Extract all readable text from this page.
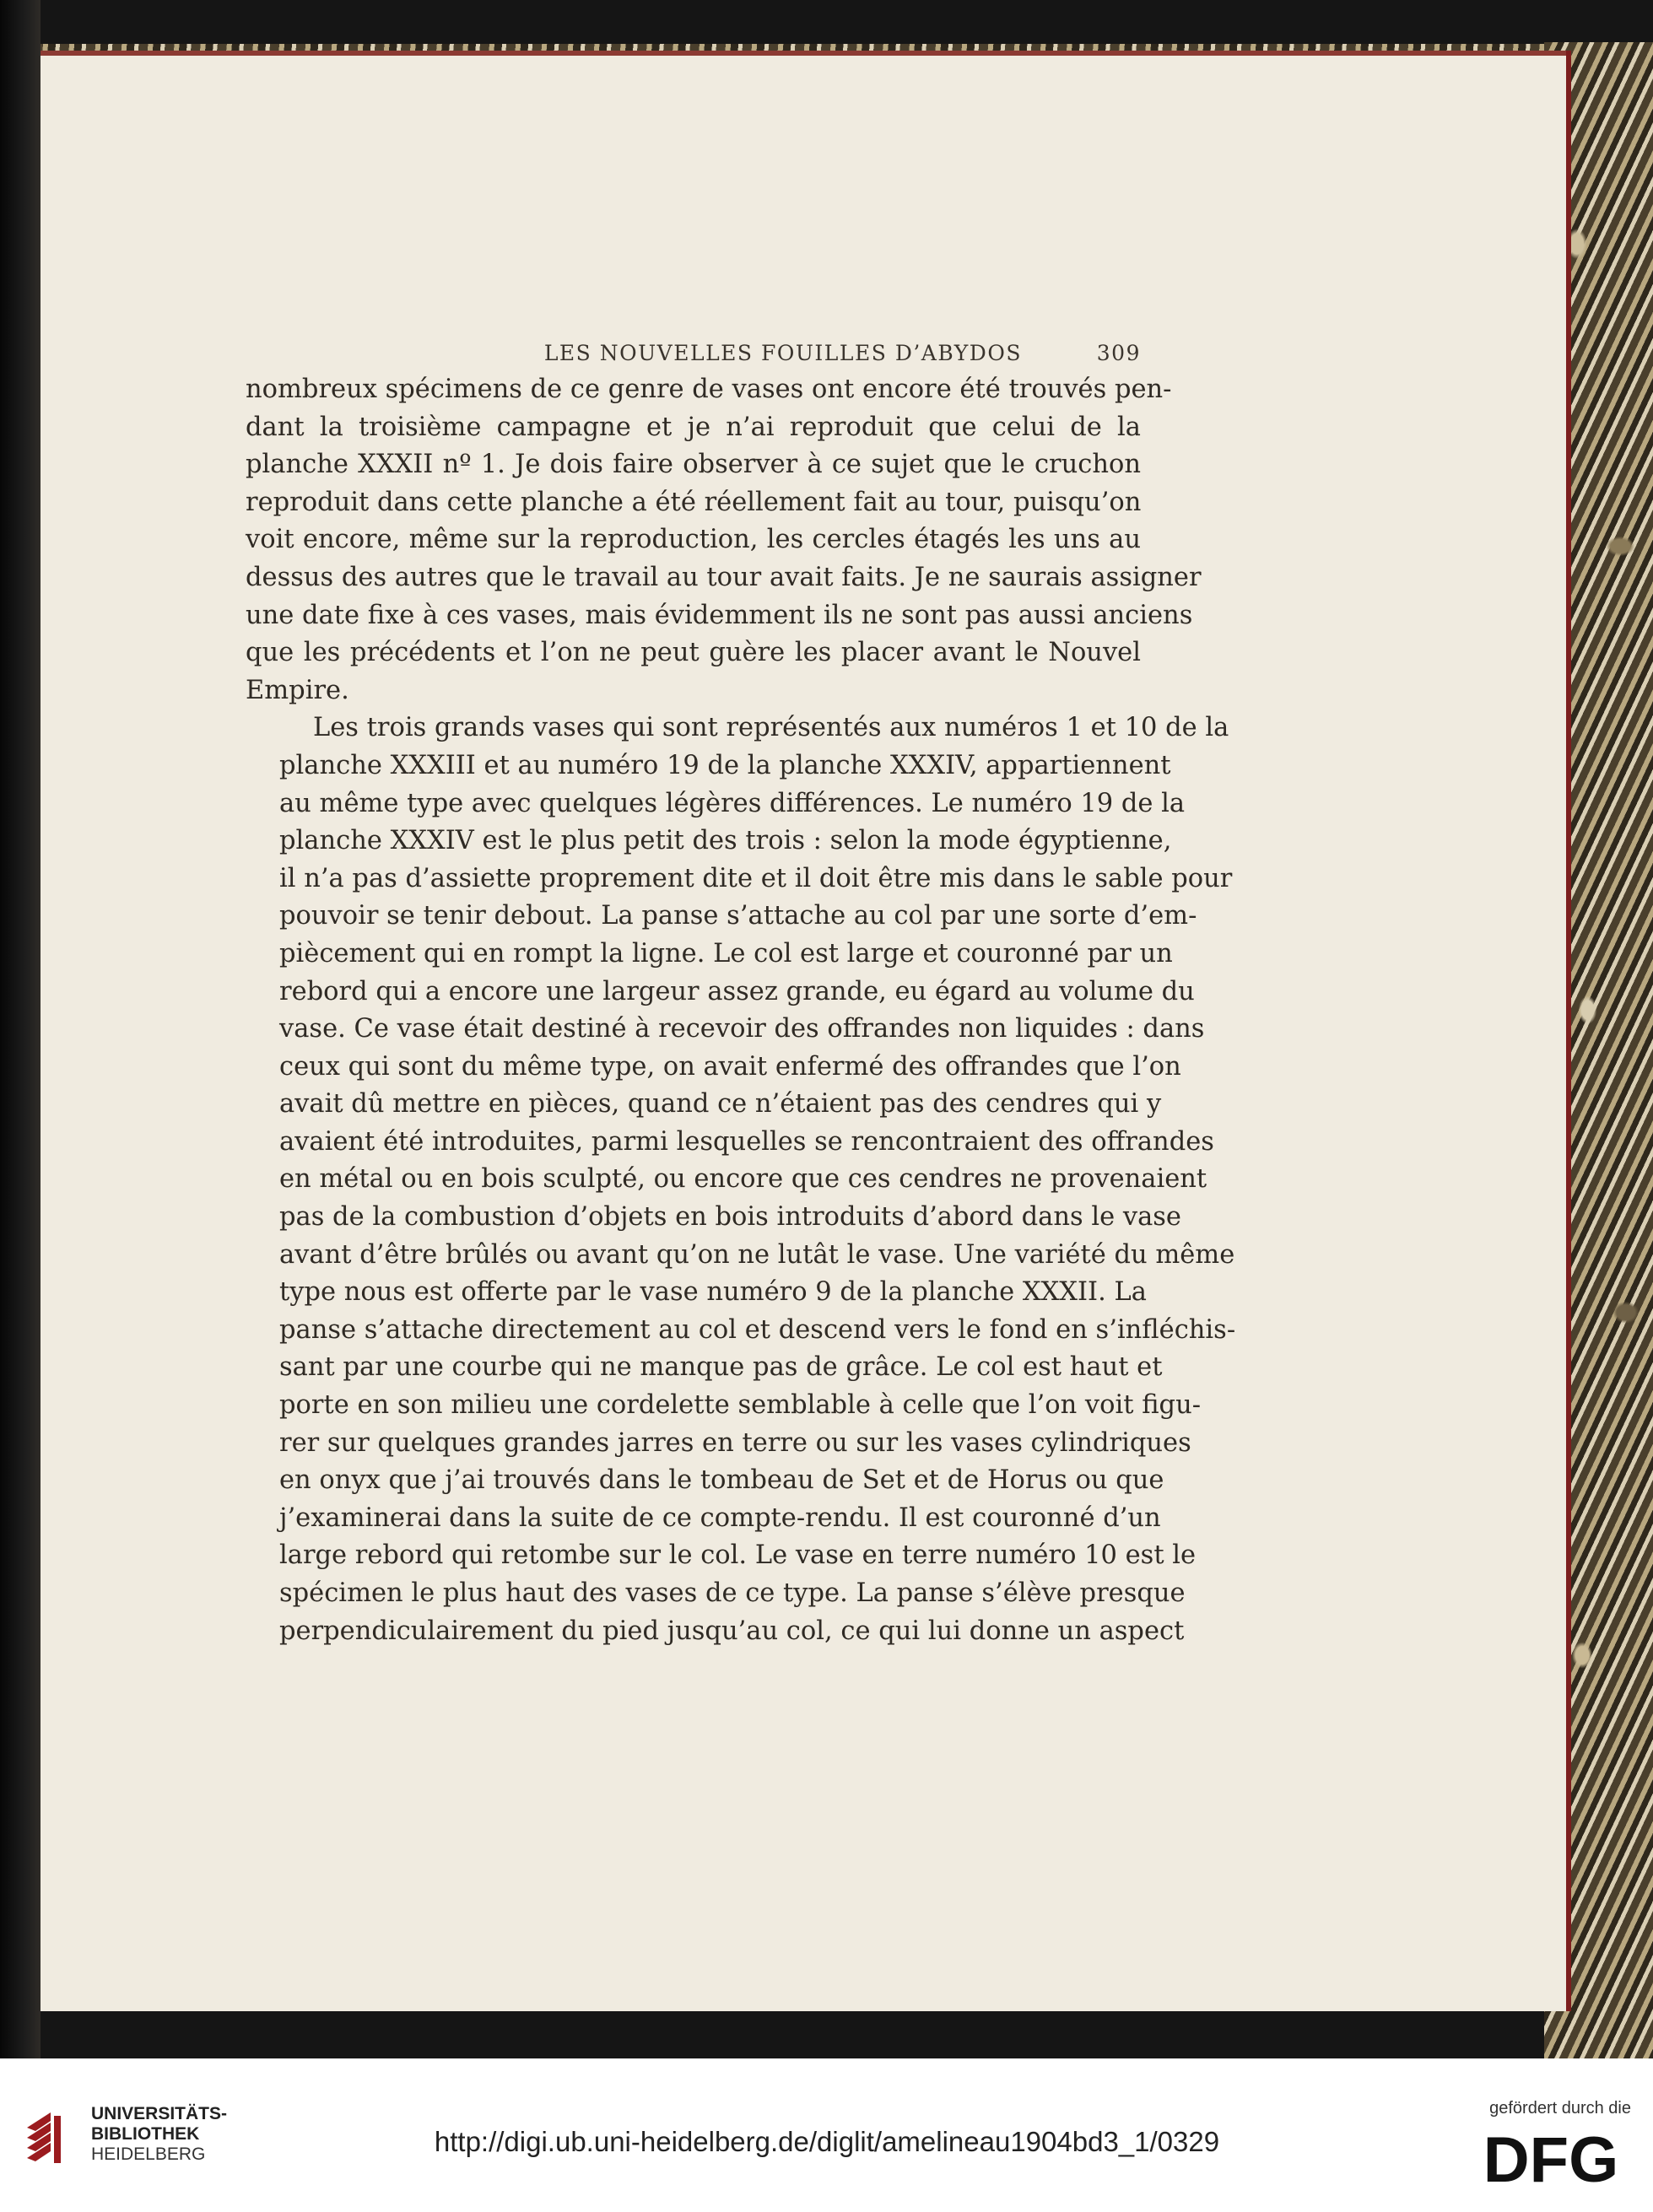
LES NOUVELLES FOUILLES D’ABYDOS	309

nombreux spécimens de ce genre de vases ont encore été trouvés pen-
dant la troisième campagne et je n’ai reproduit que celui de la
planche XXXII nº 1. Je dois faire observer à ce sujet que le cruchon
reproduit dans cette planche a été réellement fait au tour, puisqu’on
voit encore, même sur la reproduction, les cercles étagés les uns au
dessus des autres que le travail au tour avait faits. Je ne saurais assigner
une date fixe à ces vases, mais évidemment ils ne sont pas aussi anciens
que les précédents et l’on ne peut guère les placer avant le Nouvel
Empire.

Les trois grands vases qui sont représentés aux numéros 1 et 10 de la
planche XXXIII et au numéro 19 de la planche XXXIV, appartiennent
au même type avec quelques légères différences. Le numéro 19 de la
planche XXXIV est le plus petit des trois : selon la mode égyptienne,
il n’a pas d’assiette proprement dite et il doit être mis dans le sable pour
pouvoir se tenir debout. La panse s’attache au col par une sorte d’em-
piècement qui en rompt la ligne. Le col est large et couronné par un
rebord qui a encore une largeur assez grande, eu égard au volume du
vase. Ce vase était destiné à recevoir des offrandes non liquides : dans
ceux qui sont du même type, on avait enfermé des offrandes que l’on
avait dû mettre en pièces, quand ce n’étaient pas des cendres qui y
avaient été introduites, parmi lesquelles se rencontraient des offrandes
en métal ou en bois sculpté, ou encore que ces cendres ne provenaient
pas de la combustion d’objets en bois introduits d’abord dans le vase
avant d’être brûlés ou avant qu’on ne lutât le vase. Une variété du même
type nous est offerte par le vase numéro 9 de la planche XXXII. La
panse s’attache directement au col et descend vers le fond en s’infléchis-
sant par une courbe qui ne manque pas de grâce. Le col est haut et
porte en son milieu une cordelette semblable à celle que l’on voit figu-
rer sur quelques grandes jarres en terre ou sur les vases cylindriques
en onyx que j’ai trouvés dans le tombeau de Set et de Horus ou que
j’examinerai dans la suite de ce compte-rendu. Il est couronné d’un
large rebord qui retombe sur le col. Le vase en terre numéro 10 est le
spécimen le plus haut des vases de ce type. La panse s’élève presque
perpendiculairement du pied jusqu’au col, ce qui lui donne un aspect

UNIVERSITÄTS-
BIBLIOTHEK
HEIDELBERG	http://digi.ub.uni-heidelberg.de/diglit/amelineau1904bd3_1/0329
gefördert durch die
DFG
